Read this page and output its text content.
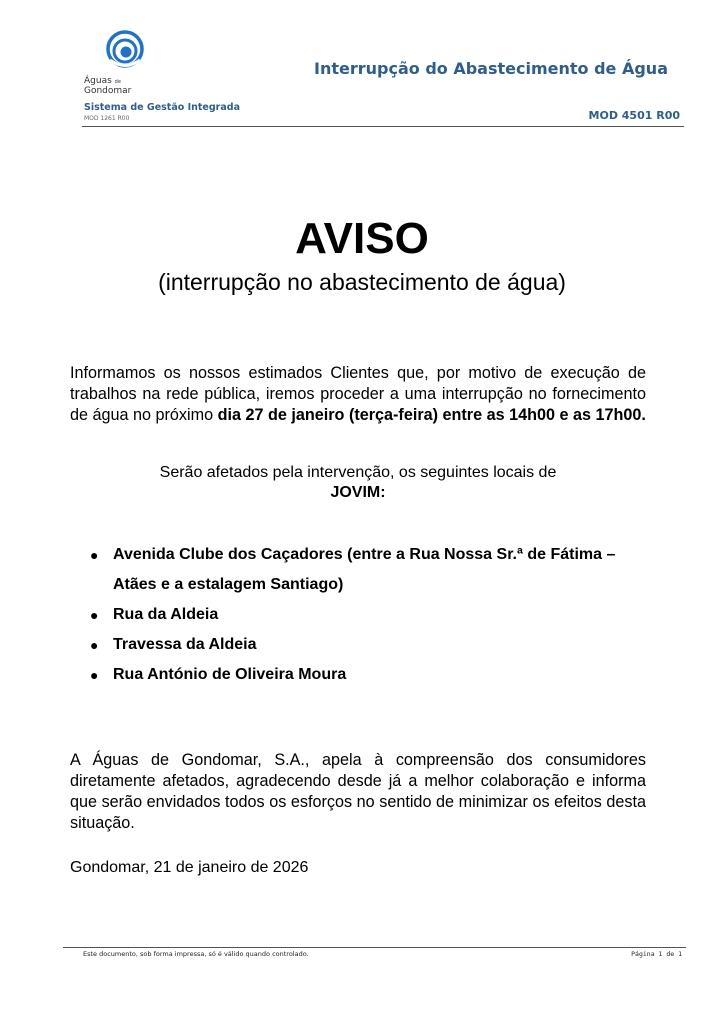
Águas de
Gondomar
Interrupção do Abastecimento de Água
Sistema de Gestão Integrada
MOD 1261 R00	MOD 4501 R00
AVISO
(interrupção no abastecimento de água)

Informamos os nossos estimados Clientes que, por motivo de execução de trabalhos na rede pública, iremos proceder a uma interrupção no fornecimento de água no próximo dia 27 de janeiro (terça-feira) entre as 14h00 e as 17h00.

Serão afetados pela intervenção, os seguintes locais de
JOVIM:
● Avenida Clube dos Caçadores (entre a Rua Nossa Sr.ª de Fátima –
Atães e a estalagem Santiago)
● Rua da Aldeia
● Travessa da Aldeia
● Rua António de Oliveira Moura

A Águas de Gondomar, S.A., apela à compreensão dos consumidores diretamente afetados, agradecendo desde já a melhor colaboração e informa que serão envidados todos os esforços no sentido de minimizar os efeitos desta situação.

Gondomar, 21 de janeiro de 2026
Este documento, sob forma impressa, só é válido quando controlado.	Página 1 de 1
